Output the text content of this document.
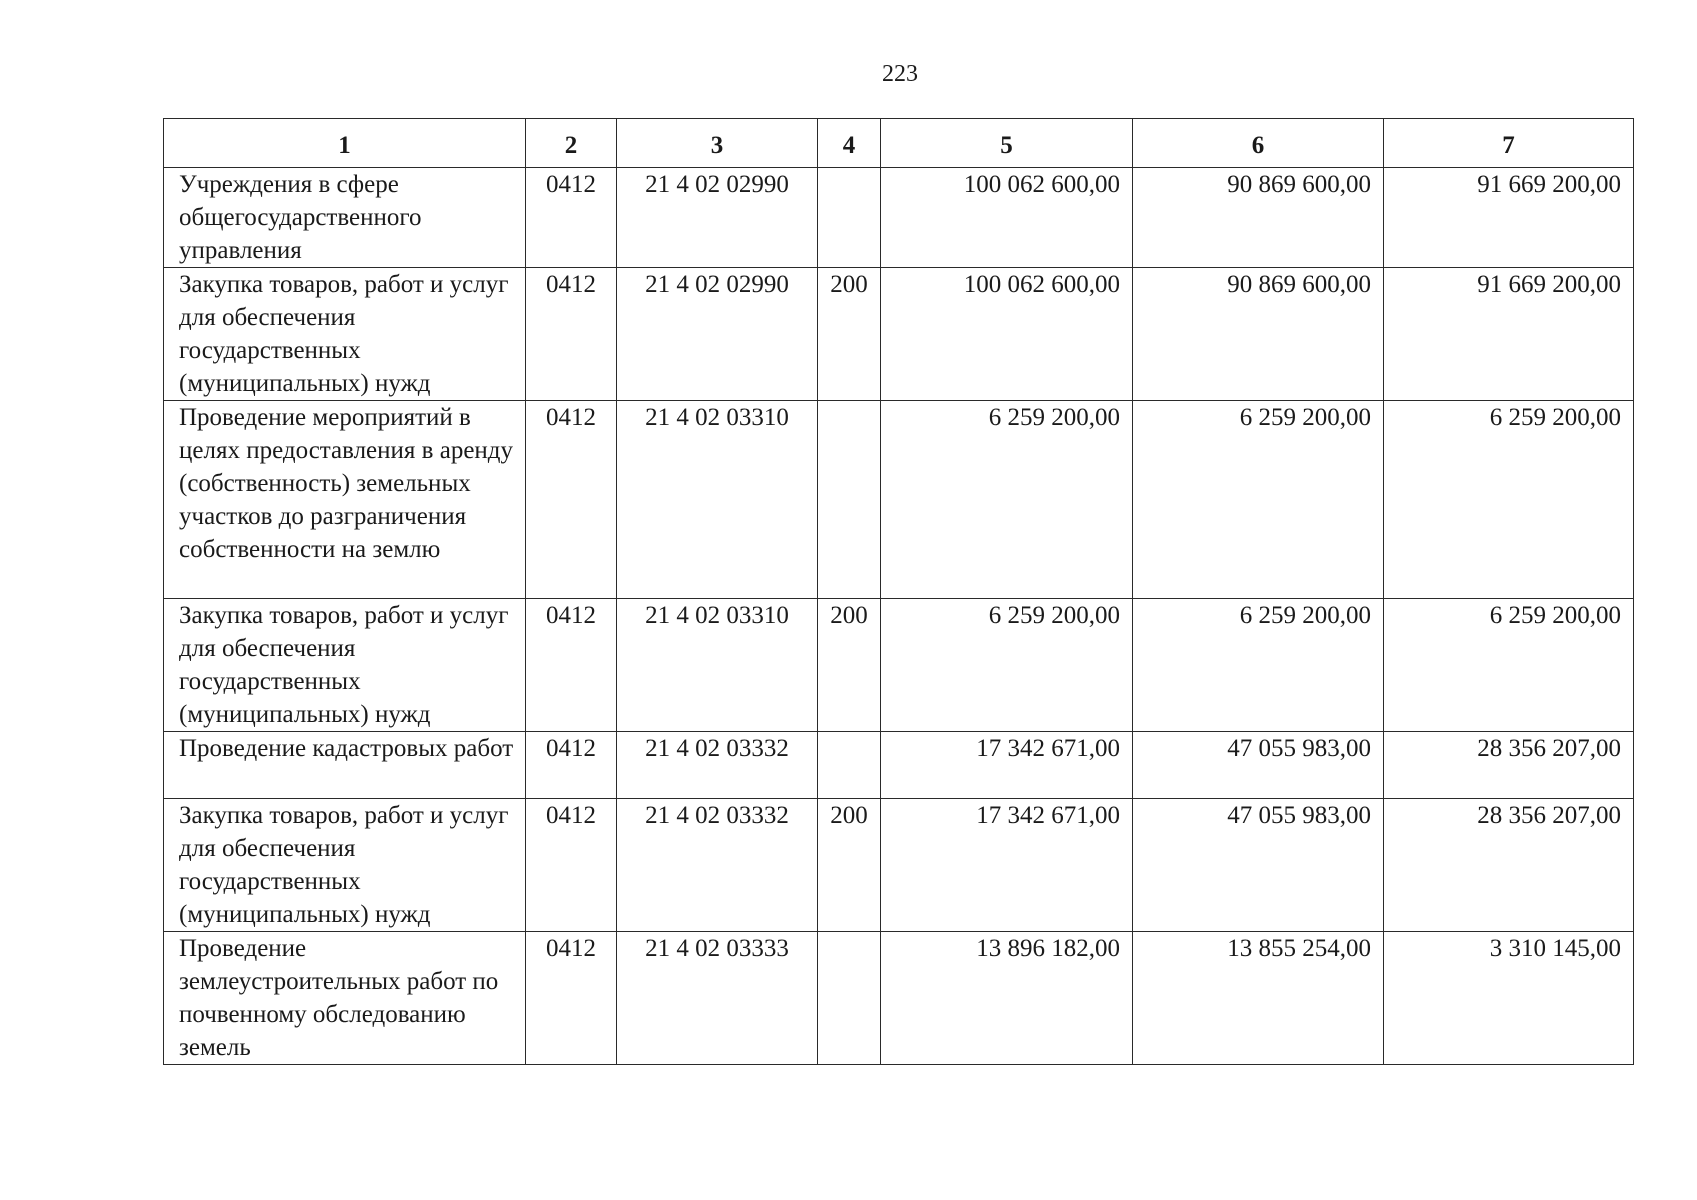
223
1	2	3	4	5	6	7
Учреждения в сфере общегосударственного управления	0412	21 4 02 02990		100 062 600,00	90 869 600,00	91 669 200,00
Закупка товаров, работ и услуг для обеспечения государственных (муниципальных) нужд	0412	21 4 02 02990	200	100 062 600,00	90 869 600,00	91 669 200,00
Проведение мероприятий в целях предоставления в аренду (собственность) земельных участков до разграничения собственности на землю	0412	21 4 02 03310		6 259 200,00	6 259 200,00	6 259 200,00
Закупка товаров, работ и услуг для обеспечения государственных (муниципальных) нужд	0412	21 4 02 03310	200	6 259 200,00	6 259 200,00	6 259 200,00
Проведение кадастровых работ	0412	21 4 02 03332		17 342 671,00	47 055 983,00	28 356 207,00
Закупка товаров, работ и услуг для обеспечения государственных (муниципальных) нужд	0412	21 4 02 03332	200	17 342 671,00	47 055 983,00	28 356 207,00
Проведение землеустроительных работ по почвенному обследованию земель	0412	21 4 02 03333		13 896 182,00	13 855 254,00	3 310 145,00
